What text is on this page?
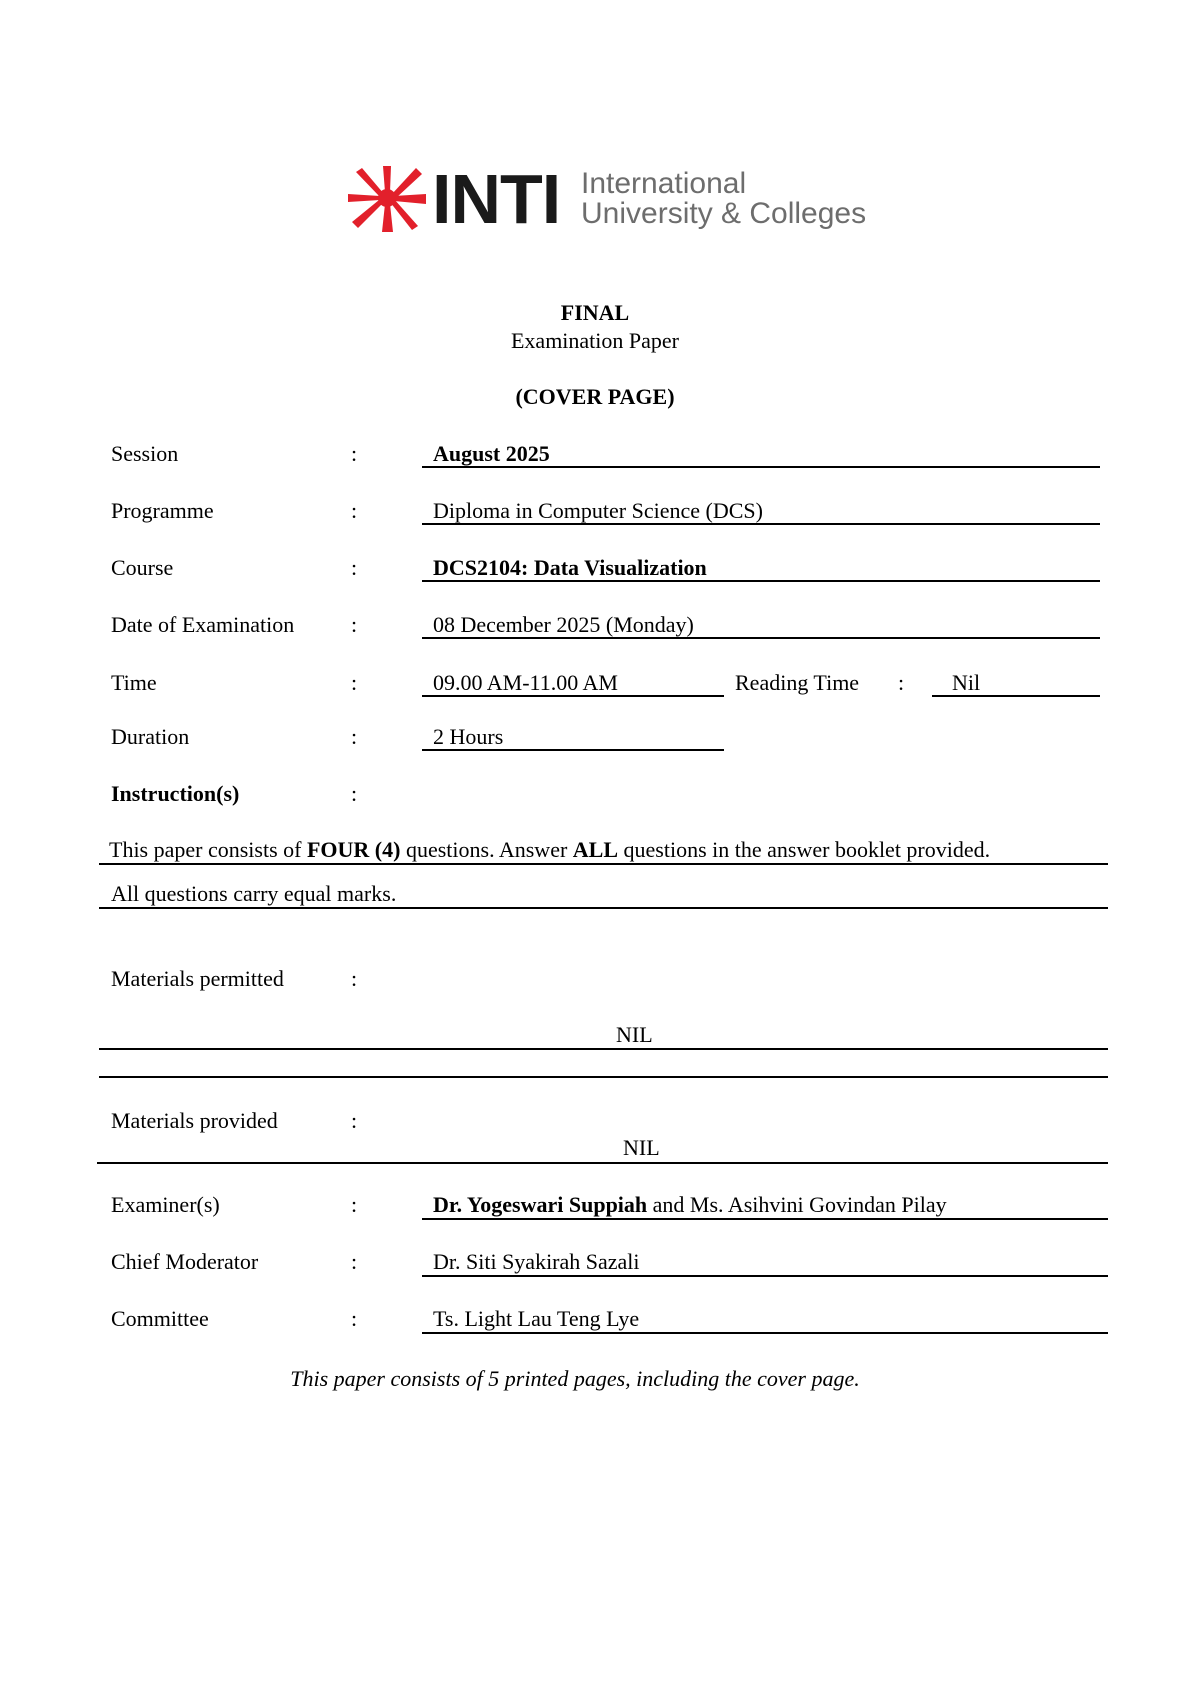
INTI International
University & Colleges
FINAL
Examination Paper
(COVER PAGE)
Session	:	August 2025
Programme	:	Diploma in Computer Science (DCS)
Course	:	DCS2104: Data Visualization
Date of Examination	:	08 December 2025 (Monday)
Time	:	09.00 AM-11.00 AM	Reading Time : Nil
Duration	:	2 Hours
Instruction(s)	:
This paper consists of FOUR (4) questions. Answer ALL questions in the answer booklet provided.
All questions carry equal marks.
Materials permitted	:
NIL
Materials provided	:
NIL
Examiner(s)	:	Dr. Yogeswari Suppiah and Ms. Asihvini Govindan Pilay
Chief Moderator	:	Dr. Siti Syakirah Sazali
Committee	:	Ts. Light Lau Teng Lye
This paper consists of 5 printed pages, including the cover page.
